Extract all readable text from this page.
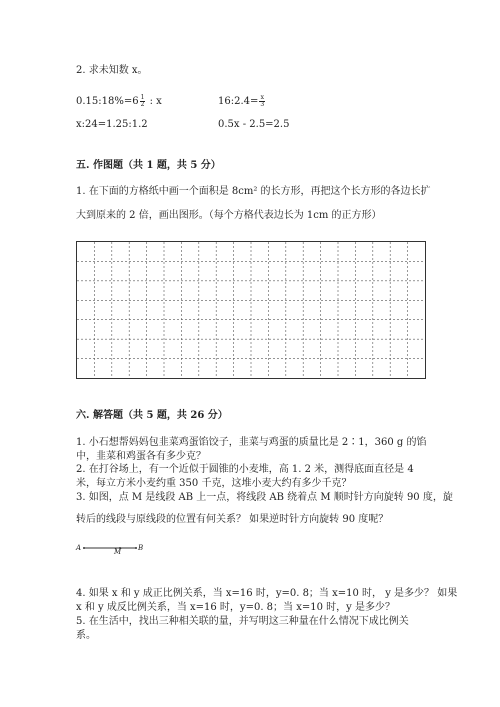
2. 求未知数 x。
0.15:18%=6 $\frac{1}{2}$ : x	16:2.4= $\frac{x}{3}$
x:24=1.25:1.2	0.5x - 2.5=2.5
五. 作图题（共 1 题，共 5 分）
1. 在下面的方格纸中画一个面积是 8cm² 的长方形，再把这个长方形的各边长扩
大到原来的 2 倍，画出图形。（每个方格代表边长为 1cm 的正方形）
六. 解答题（共 5 题，共 26 分）
1. 小石想帮妈妈包韭菜鸡蛋馅饺子，韭菜与鸡蛋的质量比是 2∶1，360 g 的馅
中，韭菜和鸡蛋各有多少克？
2. 在打谷场上，有一个近似于圆锥的小麦堆，高 1. 2 米，测得底面直径是 4
米，每立方米小麦约重 350 千克，这堆小麦大约有多少千克？
3. 如图，点 M 是线段 AB 上一点，将线段 AB 绕着点 M 顺时针方向旋转 90 度，旋
转后的线段与原线段的位置有何关系？ 如果逆时针方向旋转 90 度呢？
A	M B
4. 如果 x 和 y 成正比例关系，当 x=16 时，y=0. 8；当 x=10 时， y 是多少？ 如果
x 和 y 成反比例关系，当 x=16 时，y=0. 8；当 x=10 时，y 是多少？
5. 在生活中，找出三种相关联的量，并写明这三种量在什么情况下成比例关
系。
